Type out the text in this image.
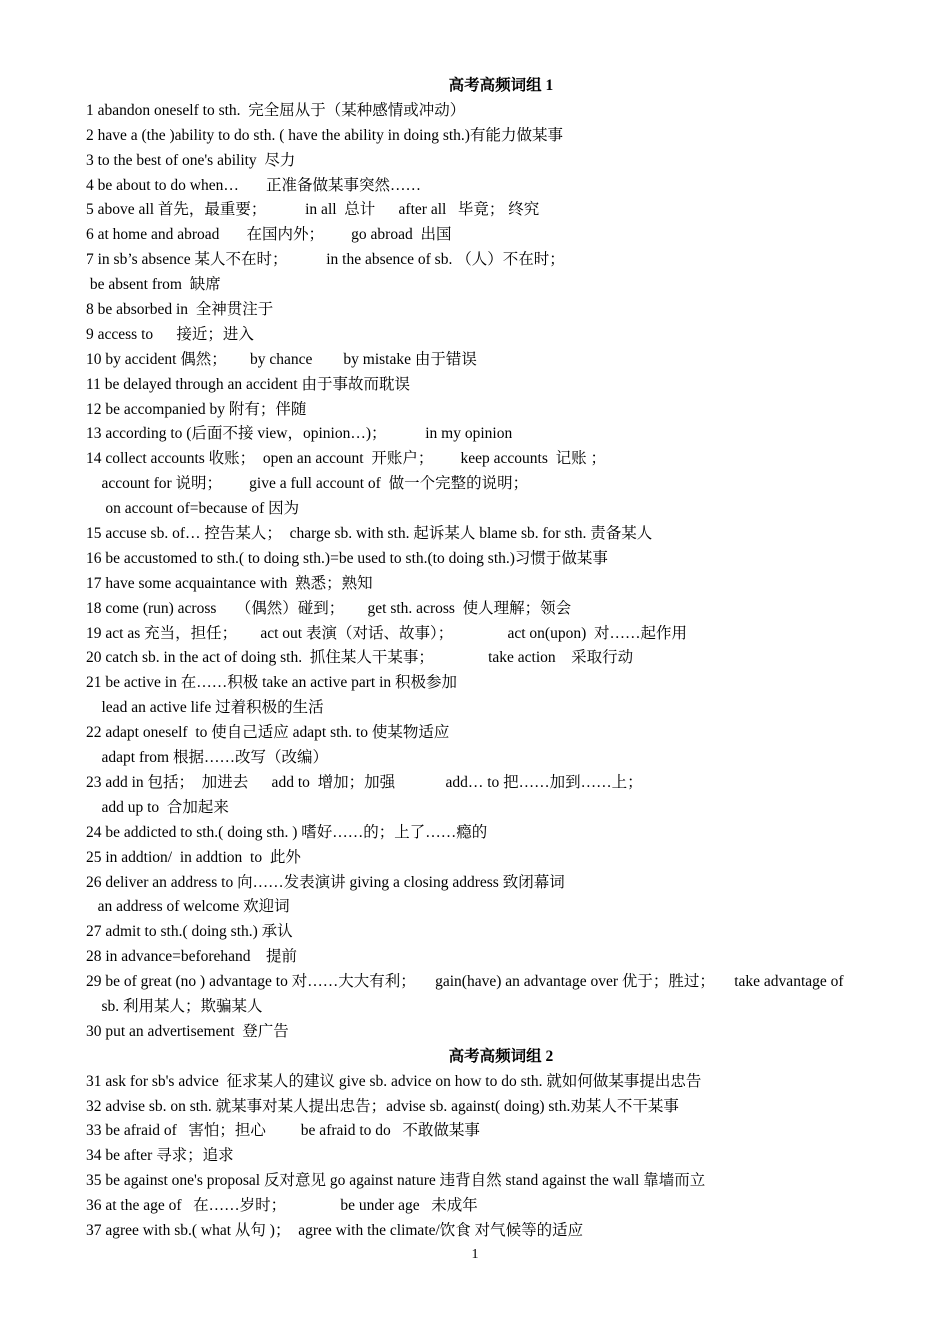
高考高频词组 1
1 abandon oneself to sth.  完全屈从于（某种感情或冲动）
2 have a (the )ability to do sth. ( have the ability in doing sth.)有能力做某事
3 to the best of one's ability  尽力
4 be about to do when…       正准备做某事突然……
5 above all 首先，最重要；          in all  总计      after all   毕竟； 终究
6 at home and abroad       在国内外；       go abroad  出国
7 in sb’s absence 某人不在时；          in the absence of sb. （人）不在时；
be absent from  缺席
8 be absorbed in  全神贯注于
9 access to      接近；进入
10 by accident 偶然；      by chance        by mistake 由于错误
11 be delayed through an accident 由于事故而耽误
12 be accompanied by 附有；伴随
13 according to (后面不接 view，opinion…)；          in my opinion
14 collect accounts 收账；  open an account  开账户；       keep accounts  记账 ；
account for 说明；       give a full account of  做一个完整的说明；
on account of=because of 因为
15 accuse sb. of… 控告某人；  charge sb. with sth. 起诉某人 blame sb. for sth. 责备某人
16 be accustomed to sth.( to doing sth.)=be used to sth.(to doing sth.)习惯于做某事
17 have some acquaintance with  熟悉；熟知
18 come (run) across     （偶然）碰到；      get sth. across  使人理解；领会
19 act as 充当，担任；      act out 表演（对话、故事）；              act on(upon)  对……起作用
20 catch sb. in the act of doing sth.  抓住某人干某事；              take action    采取行动
21 be active in 在……积极 take an active part in 积极参加
lead an active life 过着积极的生活
22 adapt oneself  to 使自己适应 adapt sth. to 使某物适应
adapt from 根据……改写（改编）
23 add in 包括；  加进去      add to  增加；加强             add… to 把……加到……上；
add up to  合加起来
24 be addicted to sth.( doing sth. ) 嗜好……的；上了……瘾的
25 in addtion/  in addtion  to  此外
26 deliver an address to 向……发表演讲 giving a closing address 致闭幕词
an address of welcome 欢迎词
27 admit to sth.( doing sth.) 承认
28 in advance=beforehand    提前
29 be of great (no ) advantage to 对……大大有利；     gain(have) an advantage over 优于；胜过；     take advantage of
sb. 利用某人；欺骗某人
30 put an advertisement  登广告
高考高频词组 2
31 ask for sb's advice  征求某人的建议 give sb. advice on how to do sth. 就如何做某事提出忠告
32 advise sb. on sth. 就某事对某人提出忠告；advise sb. against( doing) sth.劝某人不干某事
33 be afraid of   害怕；担心         be afraid to do   不敢做某事
34 be after 寻求；追求
35 be against one's proposal 反对意见 go against nature 违背自然 stand against the wall 靠墙而立
36 at the age of   在……岁时；              be under age   未成年
37 agree with sb.( what 从句 )；  agree with the climate/饮食 对气候等的适应
1
